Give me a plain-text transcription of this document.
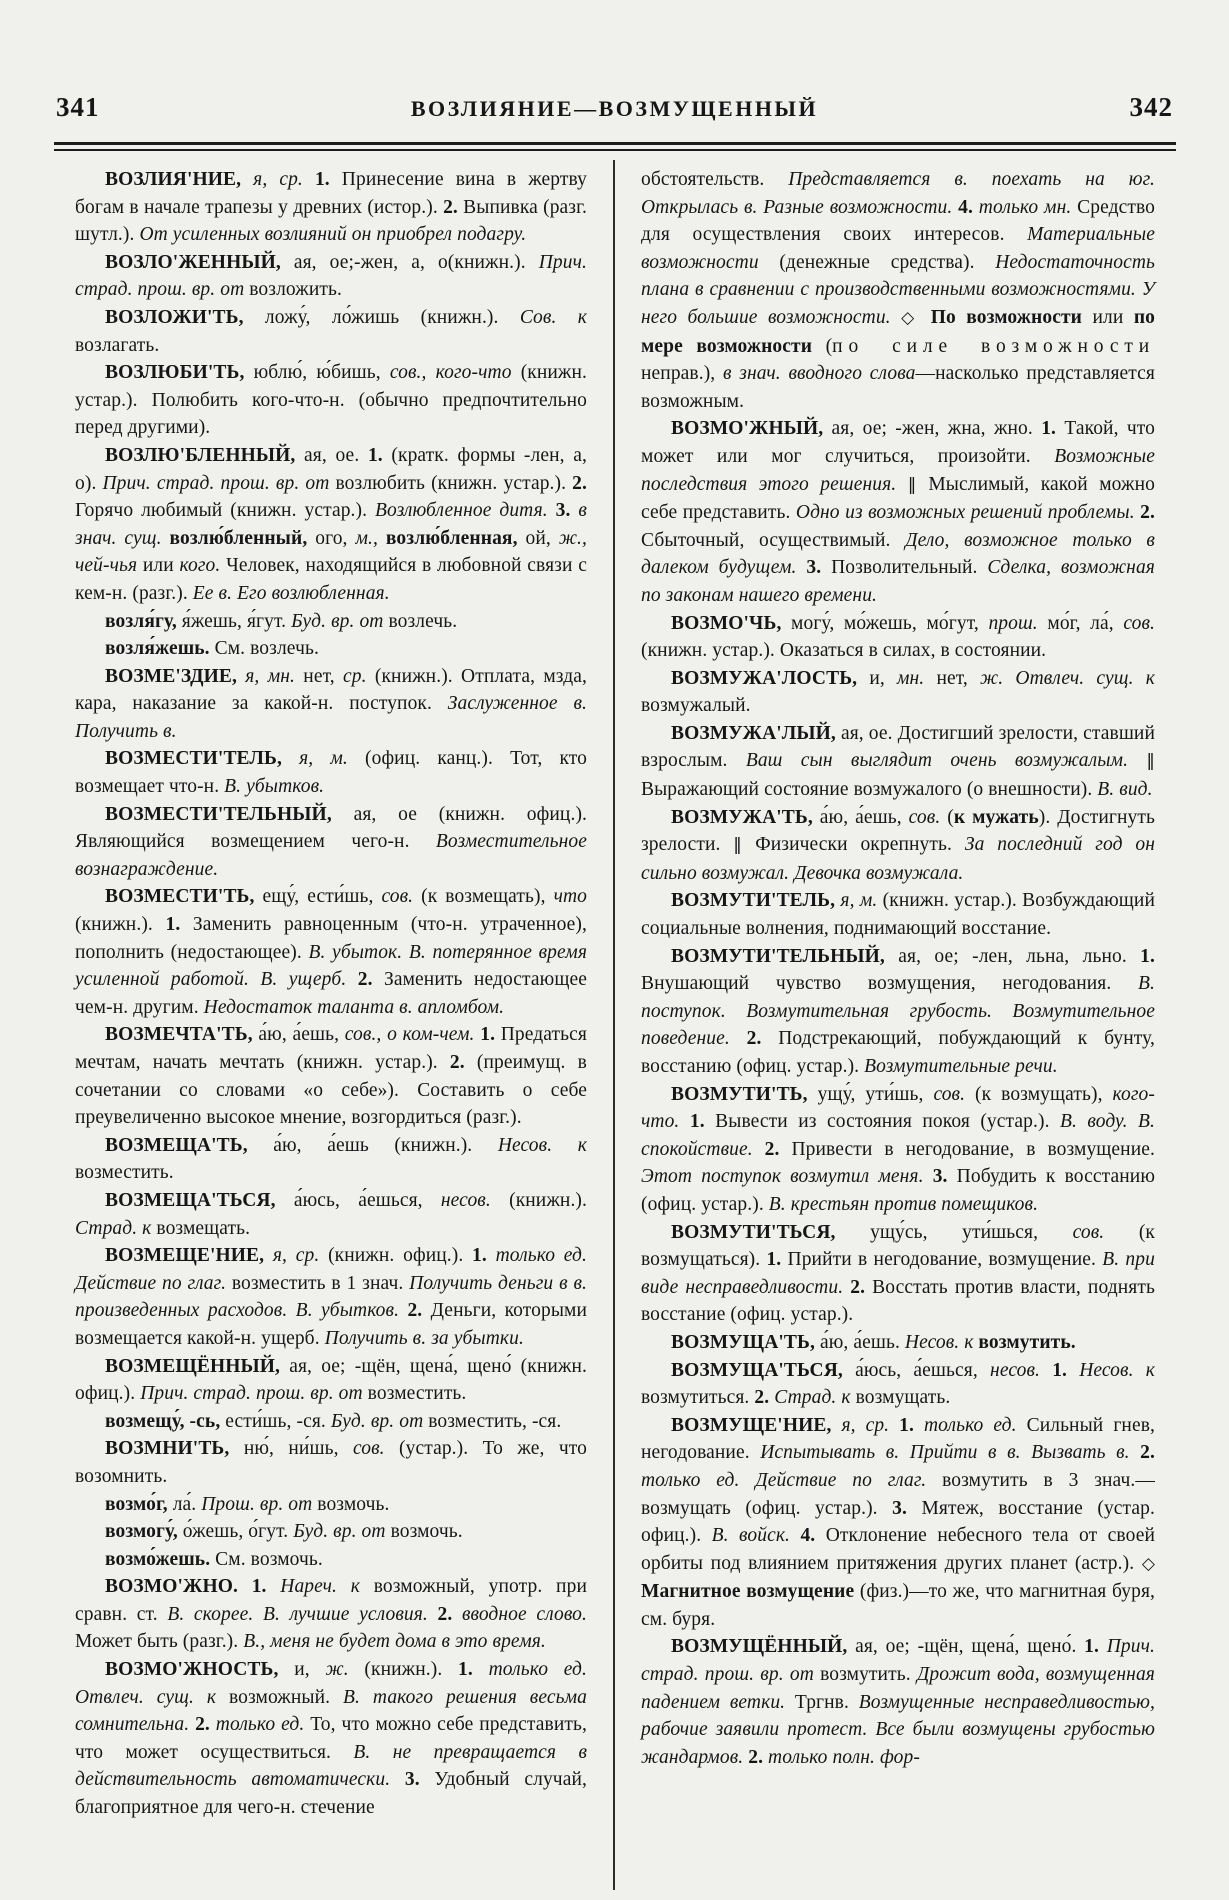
341	ВОЗЛИЯНИЕ—ВОЗМУЩЕННЫЙ	342

ВОЗЛИЯ'НИЕ, я, ср. 1. Принесение вина в жертву богам в начале трапезы у древних (истор.). 2. Выпивка (разг. шутл.). От усиленных возлияний он приобрел подагру.

ВОЗЛО'ЖЕННЫЙ, ая, ое;-жен, а, о(книжн.). Прич. страд. прош. вр. от возложить.

ВОЗЛОЖИ'ТЬ, ложу́, ло́жишь (книжн.). Сов. к возлагать.

ВОЗЛЮБИ'ТЬ, юблю́, ю́бишь, сов., кого-что (книжн. устар.). Полюбить кого-что-н. (обычно предпочтительно перед другими).

ВОЗЛЮ'БЛЕННЫЙ, ая, ое. 1. (кратк. формы -лен, а, о). Прич. страд. прош. вр. от возлюбить (книжн. устар.). 2. Горячо любимый (книжн. устар.). Возлюбленное дитя. 3. в знач. сущ. возлю́бленный, ого, м., возлю́бленная, ой, ж., чей-чья или кого. Человек, находящийся в любовной связи с кем-н. (разг.). Ее в. Его возлюбленная.

возля́гу, я́жешь, я́гут. Буд. вр. от возлечь.

возля́жешь. См. возлечь.

ВОЗМЕ'ЗДИЕ, я, мн. нет, ср. (книжн.). Отплата, мзда, кара, наказание за какой-н. поступок. Заслуженное в. Получить в.

ВОЗМЕСТИ'ТЕЛЬ, я, м. (офиц. канц.). Тот, кто возмещает что-н. В. убытков.

ВОЗМЕСТИ'ТЕЛЬНЫЙ, ая, ое (книжн. офиц.). Являющийся возмещением чего-н. Возместительное вознаграждение.

ВОЗМЕСТИ'ТЬ, ещу́, ести́шь, сов. (к возмещать), что (книжн.). 1. Заменить равноценным (что-н. утраченное), пополнить (недостающее). В. убыток. В. потерянное время усиленной работой. В. ущерб. 2. Заменить недостающее чем-н. другим. Недостаток таланта в. апломбом.

ВОЗМЕЧТА'ТЬ, а́ю, а́ешь, сов., о ком-чем. 1. Предаться мечтам, начать мечтать (книжн. устар.). 2. (преимущ. в сочетании со словами «о себе»). Составить о себе преувеличенно высокое мнение, возгордиться (разг.).

ВОЗМЕЩА'ТЬ, а́ю, а́ешь (книжн.). Несов. к возместить.

ВОЗМЕЩА'ТЬСЯ, а́юсь, а́ешься, несов. (книжн.). Страд. к возмещать.

ВОЗМЕЩЕ'НИЕ, я, ср. (книжн. офиц.). 1. только ед. Действие по глаг. возместить в 1 знач. Получить деньги в в. произведенных расходов. В. убытков. 2. Деньги, которыми возмещается какой-н. ущерб. Получить в. за убытки.

ВОЗМЕЩЁННЫЙ, ая, ое; -щён, щена́, щено́ (книжн. офиц.). Прич. страд. прош. вр. от возместить.

возмещу́, -сь, ести́шь, -ся. Буд. вр. от возместить, -ся.

ВОЗМНИ'ТЬ, ню́, ни́шь, сов. (устар.). То же, что возомнить.

возмо́г, ла́. Прош. вр. от возмочь.

возмогу́, о́жешь, о́гут. Буд. вр. от возмочь.

возмо́жешь. См. возмочь.

ВОЗМО'ЖНО. 1. Нареч. к возможный, употр. при сравн. ст. В. скорее. В. лучшие условия. 2. вводное слово. Может быть (разг.). В., меня не будет дома в это время.

ВОЗМО'ЖНОСТЬ, и, ж. (книжн.). 1. только ед. Отвлеч. сущ. к возможный. В. такого решения весьма сомнительна. 2. только ед. То, что можно себе представить, что может осуществиться. В. не превращается в действительность автоматически. 3. Удобный случай, благоприятное для чего-н. стечение

обстоятельств. Представляется в. поехать на юг. Открылась в. Разные возможности. 4. только мн. Средство для осуществления своих интересов. Материальные возможности (денежные средства). Недостаточность плана в сравнении с производственными возможностями. У него большие возможности. ◇ По возможности или по мере возможности (по силе возможности неправ.), в знач. вводного слова—насколько представляется возможным.

ВОЗМО'ЖНЫЙ, ая, ое; -жен, жна, жно. 1. Такой, что может или мог случиться, произойти. Возможные последствия этого решения. ‖ Мыслимый, какой можно себе представить. Одно из возможных решений проблемы. 2. Сбыточный, осуществимый. Дело, возможное только в далеком будущем. 3. Позволительный. Сделка, возможная по законам нашего времени.

ВОЗМО'ЧЬ, могу́, мо́жешь, мо́гут, прош. мо́г, ла́, сов. (книжн. устар.). Оказаться в силах, в состоянии.

ВОЗМУЖА'ЛОСТЬ, и, мн. нет, ж. Отвлеч. сущ. к возмужалый.

ВОЗМУЖА'ЛЫЙ, ая, ое. Достигший зрелости, ставший взрослым. Ваш сын выглядит очень возмужалым. ‖ Выражающий состояние возмужалого (о внешности). В. вид.

ВОЗМУЖА'ТЬ, а́ю, а́ешь, сов. (к мужать). Достигнуть зрелости. ‖ Физически окрепнуть. За последний год он сильно возмужал. Девочка возмужала.

ВОЗМУТИ'ТЕЛЬ, я, м. (книжн. устар.). Возбуждающий социальные волнения, поднимающий восстание.

ВОЗМУТИ'ТЕЛЬНЫЙ, ая, ое; -лен, льна, льно. 1. Внушающий чувство возмущения, негодования. В. поступок. Возмутительная грубость. Возмутительное поведение. 2. Подстрекающий, побуждающий к бунту, восстанию (офиц. устар.). Возмутительные речи.

ВОЗМУТИ'ТЬ, ущу́, ути́шь, сов. (к возмущать), кого-что. 1. Вывести из состояния покоя (устар.). В. воду. В. спокойствие. 2. Привести в негодование, в возмущение. Этот поступок возмутил меня. 3. Побудить к восстанию (офиц. устар.). В. крестьян против помещиков.

ВОЗМУТИ'ТЬСЯ, ущу́сь, ути́шься, сов. (к возмущаться). 1. Прийти в негодование, возмущение. В. при виде несправедливости. 2. Восстать против власти, поднять восстание (офиц. устар.).

ВОЗМУЩА'ТЬ, а́ю, а́ешь. Несов. к возмутить.

ВОЗМУЩА'ТЬСЯ, а́юсь, а́ешься, несов. 1. Несов. к возмутиться. 2. Страд. к возмущать.

ВОЗМУЩЕ'НИЕ, я, ср. 1. только ед. Сильный гнев, негодование. Испытывать в. Прийти в в. Вызвать в. 2. только ед. Действие по глаг. возмутить в 3 знач.—возмущать (офиц. устар.). 3. Мятеж, восстание (устар. офиц.). В. войск. 4. Отклонение небесного тела от своей орбиты под влиянием притяжения других планет (астр.). ◇ Магнитное возмущение (физ.)—то же, что магнитная буря, см. буря.

ВОЗМУЩЁННЫЙ, ая, ое; -щён, щена́, щено́. 1. Прич. страд. прош. вр. от возмутить. Дрожит вода, возмущенная падением ветки. Тргнв. Возмущенные несправедливостью, рабочие заявили протест. Все были возмущены грубостью жандармов. 2. только полн. фор-
